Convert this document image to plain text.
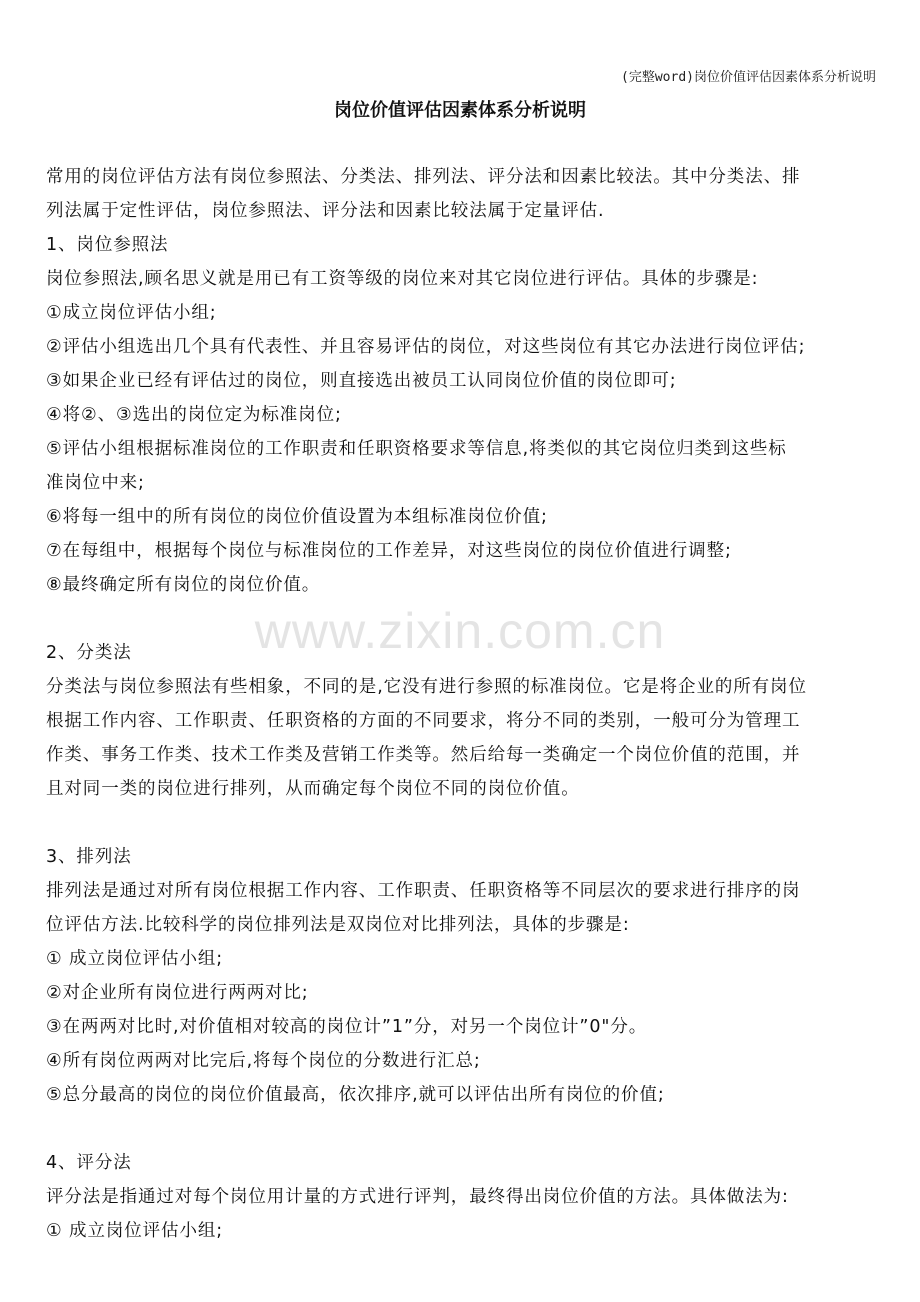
(完整word)岗位价值评估因素体系分析说明
岗位价值评估因素体系分析说明
www.zixin.com.cn

常用的岗位评估方法有岗位参照法、分类法、排列法、评分法和因素比较法。其中分类法、排

列法属于定性评估，岗位参照法、评分法和因素比较法属于定量评估.

1、岗位参照法

岗位参照法,顾名思义就是用已有工资等级的岗位来对其它岗位进行评估。具体的步骤是:

①成立岗位评估小组;

②评估小组选出几个具有代表性、并且容易评估的岗位，对这些岗位有其它办法进行岗位评估;

③如果企业已经有评估过的岗位，则直接选出被员工认同岗位价值的岗位即可;

④将②、③选出的岗位定为标准岗位;

⑤评估小组根据标准岗位的工作职责和任职资格要求等信息,将类似的其它岗位归类到这些标

准岗位中来;

⑥将每一组中的所有岗位的岗位价值设置为本组标准岗位价值;

⑦在每组中，根据每个岗位与标准岗位的工作差异，对这些岗位的岗位价值进行调整;

⑧最终确定所有岗位的岗位价值。

2、分类法

分类法与岗位参照法有些相象，不同的是,它没有进行参照的标准岗位。它是将企业的所有岗位

根据工作内容、工作职责、任职资格的方面的不同要求，将分不同的类别，一般可分为管理工

作类、事务工作类、技术工作类及营销工作类等。然后给每一类确定一个岗位价值的范围，并

且对同一类的岗位进行排列，从而确定每个岗位不同的岗位价值。

3、排列法

排列法是通过对所有岗位根据工作内容、工作职责、任职资格等不同层次的要求进行排序的岗

位评估方法.比较科学的岗位排列法是双岗位对比排列法，具体的步骤是:

① 成立岗位评估小组;

②对企业所有岗位进行两两对比;

③在两两对比时,对价值相对较高的岗位计”1”分，对另一个岗位计”0"分。

④所有岗位两两对比完后,将每个岗位的分数进行汇总;

⑤总分最高的岗位的岗位价值最高，依次排序,就可以评估出所有岗位的价值;

4、评分法

评分法是指通过对每个岗位用计量的方式进行评判，最终得出岗位价值的方法。具体做法为:

① 成立岗位评估小组;
